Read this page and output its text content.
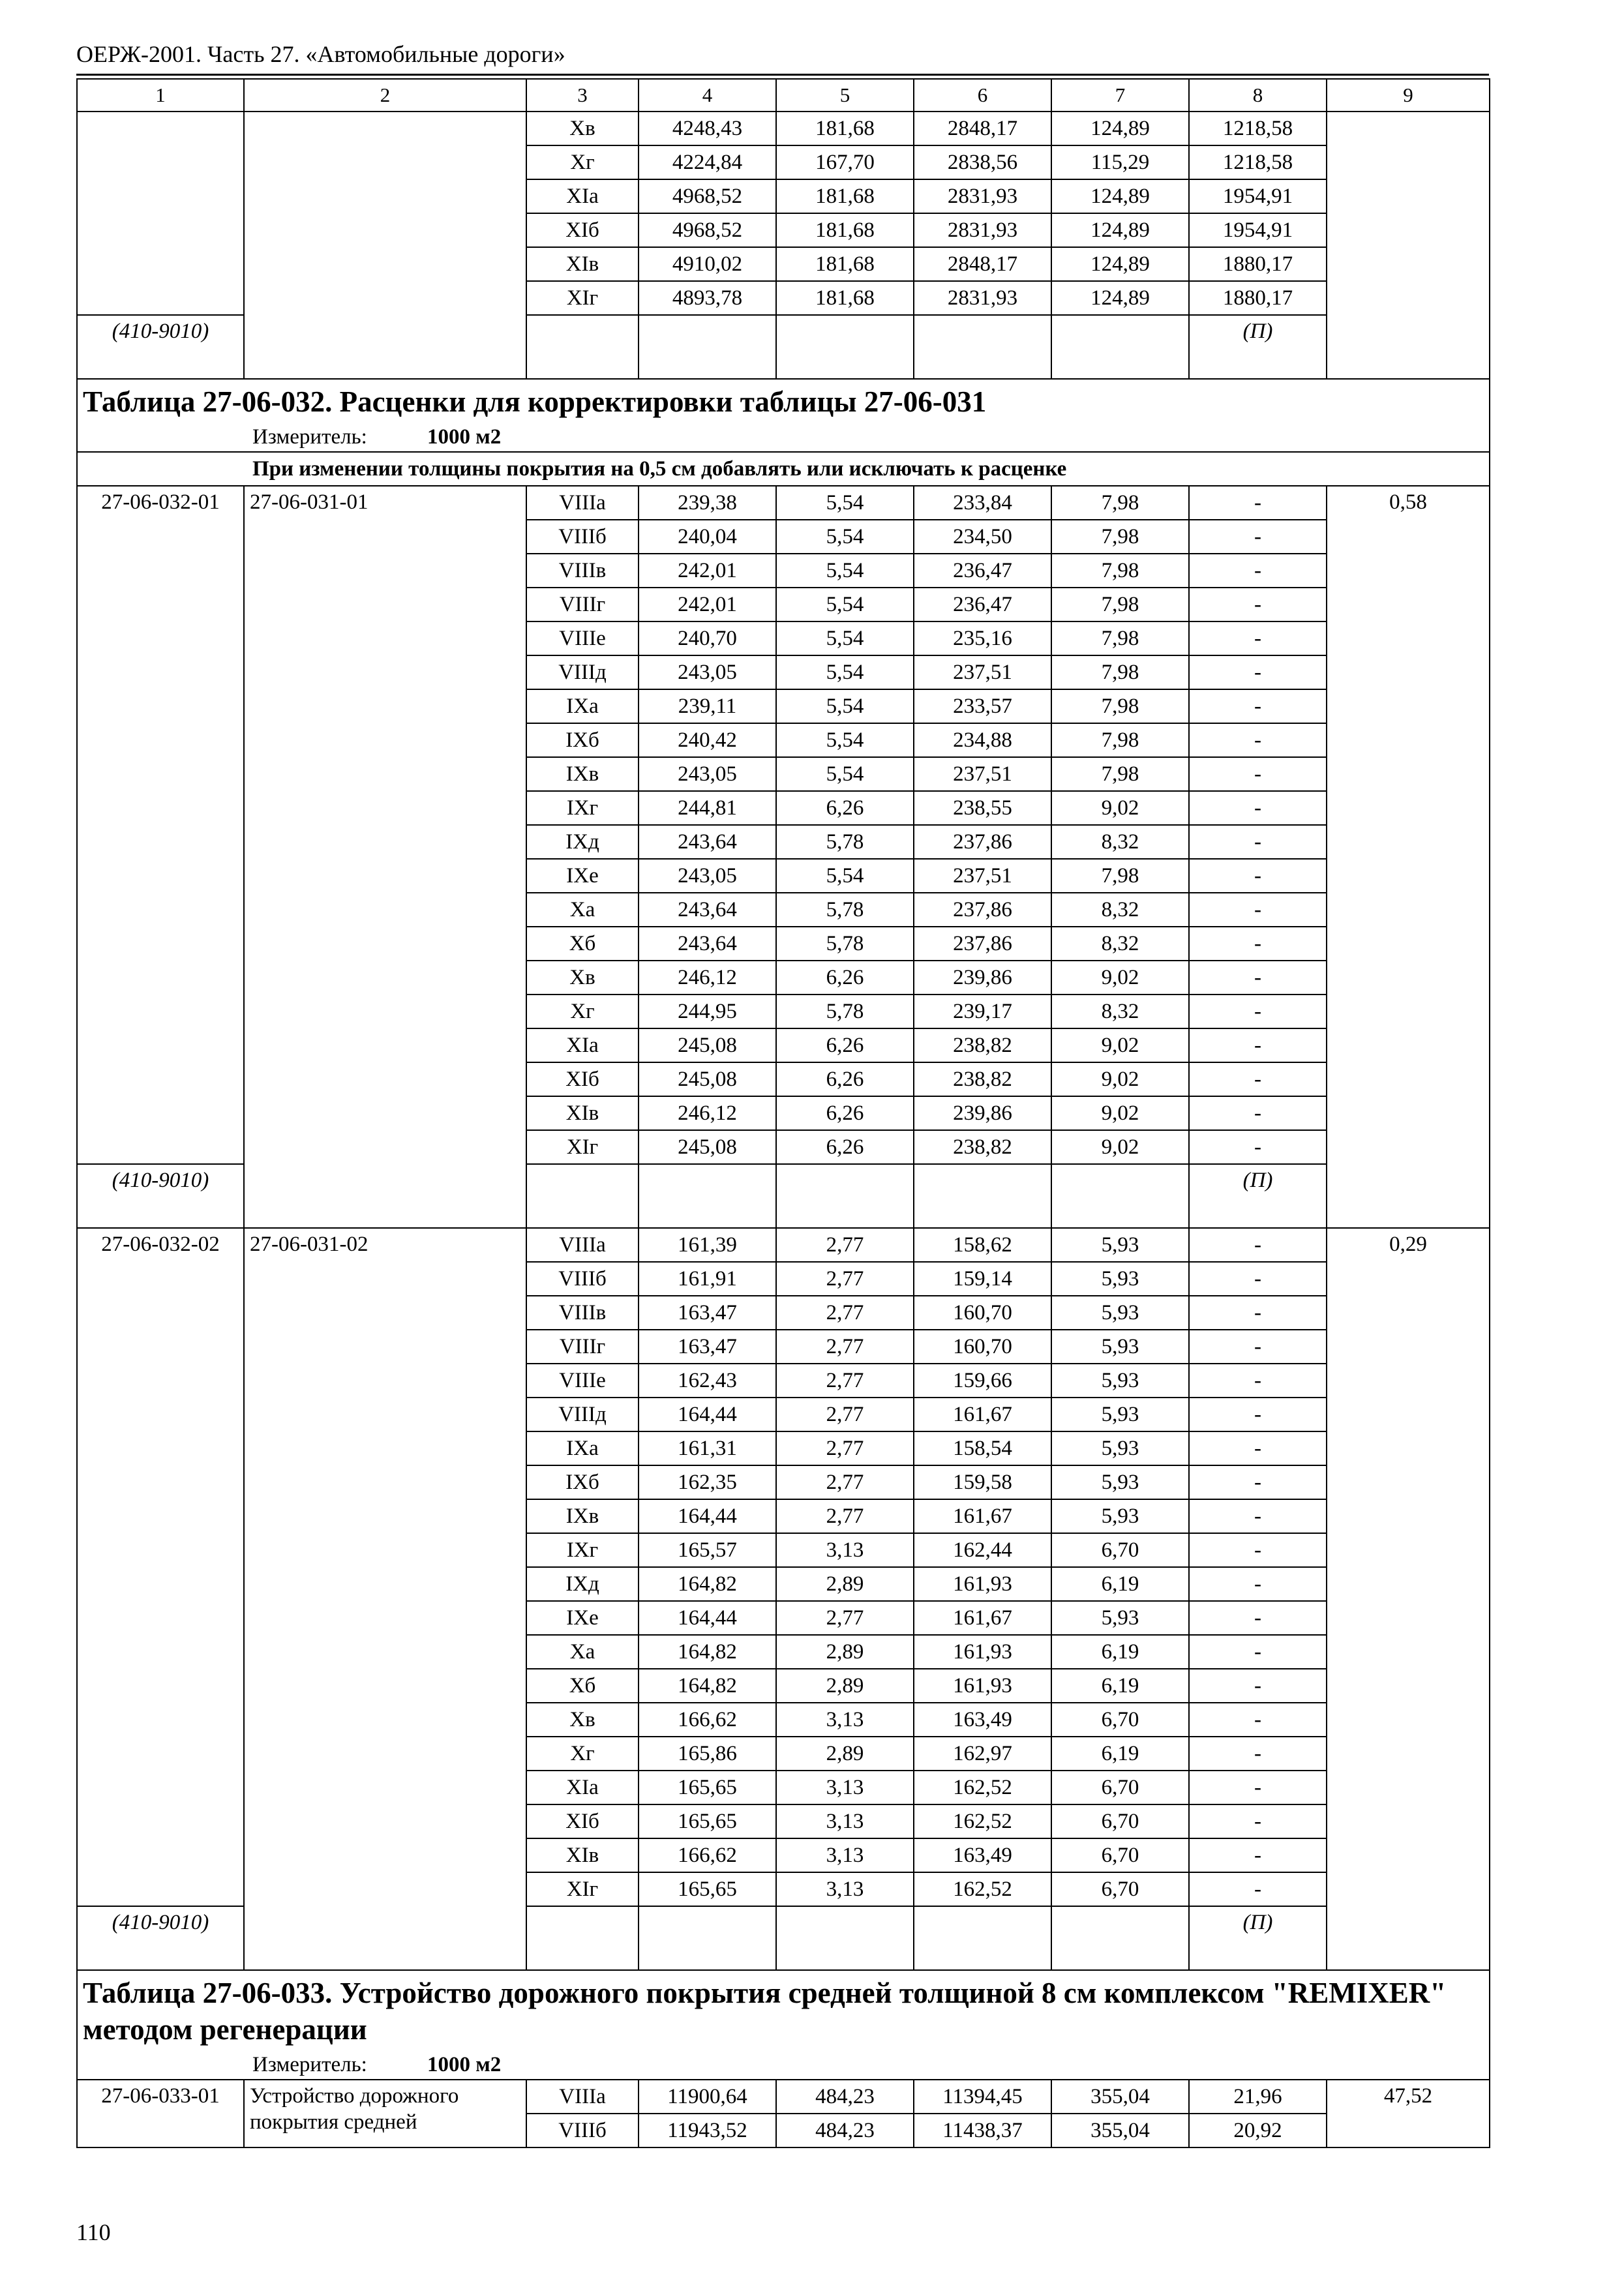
ОЕРЖ-2001. Часть 27. «Автомобильные дороги»
1	2	3	4	5	6	7	8	9
		Xв	4248,43	181,68	2848,17	124,89	1218,58	
		Xг	4224,84	167,70	2838,56	115,29	1218,58	
		XIа	4968,52	181,68	2831,93	124,89	1954,91	
		XIб	4968,52	181,68	2831,93	124,89	1954,91	
		XIв	4910,02	181,68	2848,17	124,89	1880,17	
		XIг	4893,78	181,68	2831,93	124,89	1880,17	
(410-9010)							(П)	
Таблица 27-06-032. Расценки для корректировки таблицы 27-06-031								
Измеритель: 1000 м2								
При изменении толщины покрытия на 0,5 см добавлять или исключать к расценке								
27-06-032-01	27-06-031-01	VIIIа	239,38	5,54	233,84	7,98	-	0,58
		VIIIб	240,04	5,54	234,50	7,98	-	
		VIIIв	242,01	5,54	236,47	7,98	-	
		VIIIг	242,01	5,54	236,47	7,98	-	
		VIIIе	240,70	5,54	235,16	7,98	-	
		VIIIд	243,05	5,54	237,51	7,98	-	
		IXа	239,11	5,54	233,57	7,98	-	
		IXб	240,42	5,54	234,88	7,98	-	
		IXв	243,05	5,54	237,51	7,98	-	
		IXг	244,81	6,26	238,55	9,02	-	
		IXд	243,64	5,78	237,86	8,32	-	
		IXе	243,05	5,54	237,51	7,98	-	
		Xа	243,64	5,78	237,86	8,32	-	
		Xб	243,64	5,78	237,86	8,32	-	
		Xв	246,12	6,26	239,86	9,02	-	
		Xг	244,95	5,78	239,17	8,32	-	
		XIа	245,08	6,26	238,82	9,02	-	
		XIб	245,08	6,26	238,82	9,02	-	
		XIв	246,12	6,26	239,86	9,02	-	
		XIг	245,08	6,26	238,82	9,02	-	
(410-9010)							(П)	
27-06-032-02	27-06-031-02	VIIIа	161,39	2,77	158,62	5,93	-	0,29
		VIIIб	161,91	2,77	159,14	5,93	-	
		VIIIв	163,47	2,77	160,70	5,93	-	
		VIIIг	163,47	2,77	160,70	5,93	-	
		VIIIе	162,43	2,77	159,66	5,93	-	
		VIIIд	164,44	2,77	161,67	5,93	-	
		IXа	161,31	2,77	158,54	5,93	-	
		IXб	162,35	2,77	159,58	5,93	-	
		IXв	164,44	2,77	161,67	5,93	-	
		IXг	165,57	3,13	162,44	6,70	-	
		IXд	164,82	2,89	161,93	6,19	-	
		IXе	164,44	2,77	161,67	5,93	-	
		Xа	164,82	2,89	161,93	6,19	-	
		Xб	164,82	2,89	161,93	6,19	-	
		Xв	166,62	3,13	163,49	6,70	-	
		Xг	165,86	2,89	162,97	6,19	-	
		XIа	165,65	3,13	162,52	6,70	-	
		XIб	165,65	3,13	162,52	6,70	-	
		XIв	166,62	3,13	163,49	6,70	-	
		XIг	165,65	3,13	162,52	6,70	-	
(410-9010)							(П)	
Таблица 27-06-033. Устройство дорожного покрытия средней толщиной 8 см комплексом "REMIXER" методом регенерации								
Измеритель: 1000 м2								
27-06-033-01	Устройство дорожного покрытия средней	VIIIа	11900,64	484,23	11394,45	355,04	21,96	47,52
		VIIIб	11943,52	484,23	11438,37	355,04	20,92	
110
